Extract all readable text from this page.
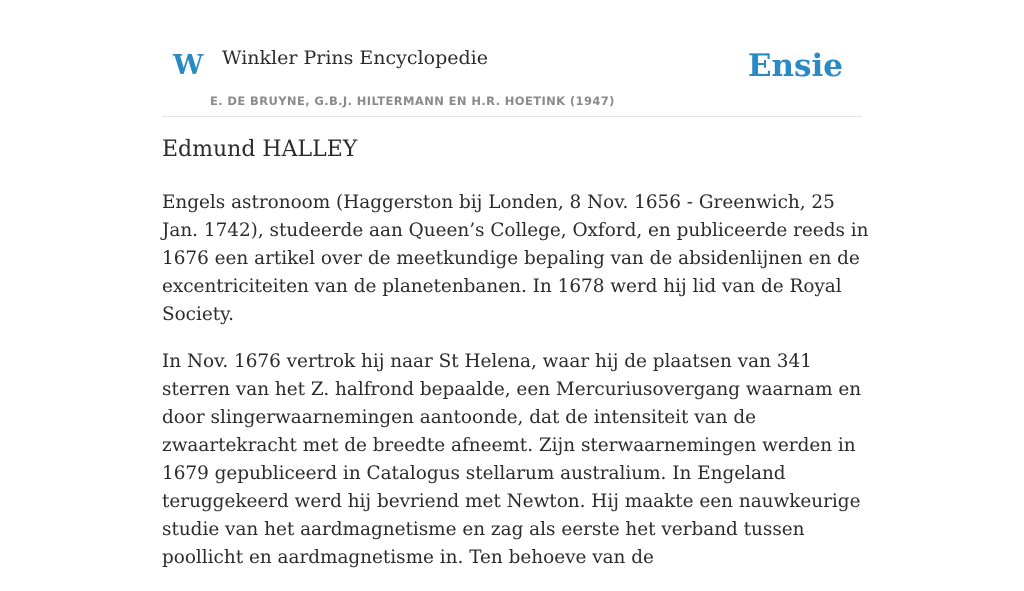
W Winkler Prins Encyclopedie
E. DE BRUYNE, G.B.J. HILTERMANN EN H.R. HOETINK (1947)
Ensie
Edmund HALLEY

Engels astronoom (Haggerston bij Londen, 8 Nov. 1656 - Greenwich, 25 Jan. 1742), studeerde aan Queen’s College, Oxford, en publiceerde reeds in 1676 een artikel over de meetkundige bepaling van de absidenlijnen en de excentriciteiten van de planetenbanen. In 1678 werd hij lid van de Royal Society.

In Nov. 1676 vertrok hij naar St Helena, waar hij de plaatsen van 341 sterren van het Z. halfrond bepaalde, een Mercuriusovergang waarnam en door slingerwaarnemingen aantoonde, dat de intensiteit van de zwaartekracht met de breedte afneemt. Zijn sterwaarnemingen werden in 1679 gepubliceerd in Catalogus stellarum australium. In Engeland teruggekeerd werd hij bevriend met Newton. Hij maakte een nauwkeurige studie van het aardmagnetisme en zag als eerste het verband tussen poollicht en aardmagnetisme in. Ten behoeve van de
